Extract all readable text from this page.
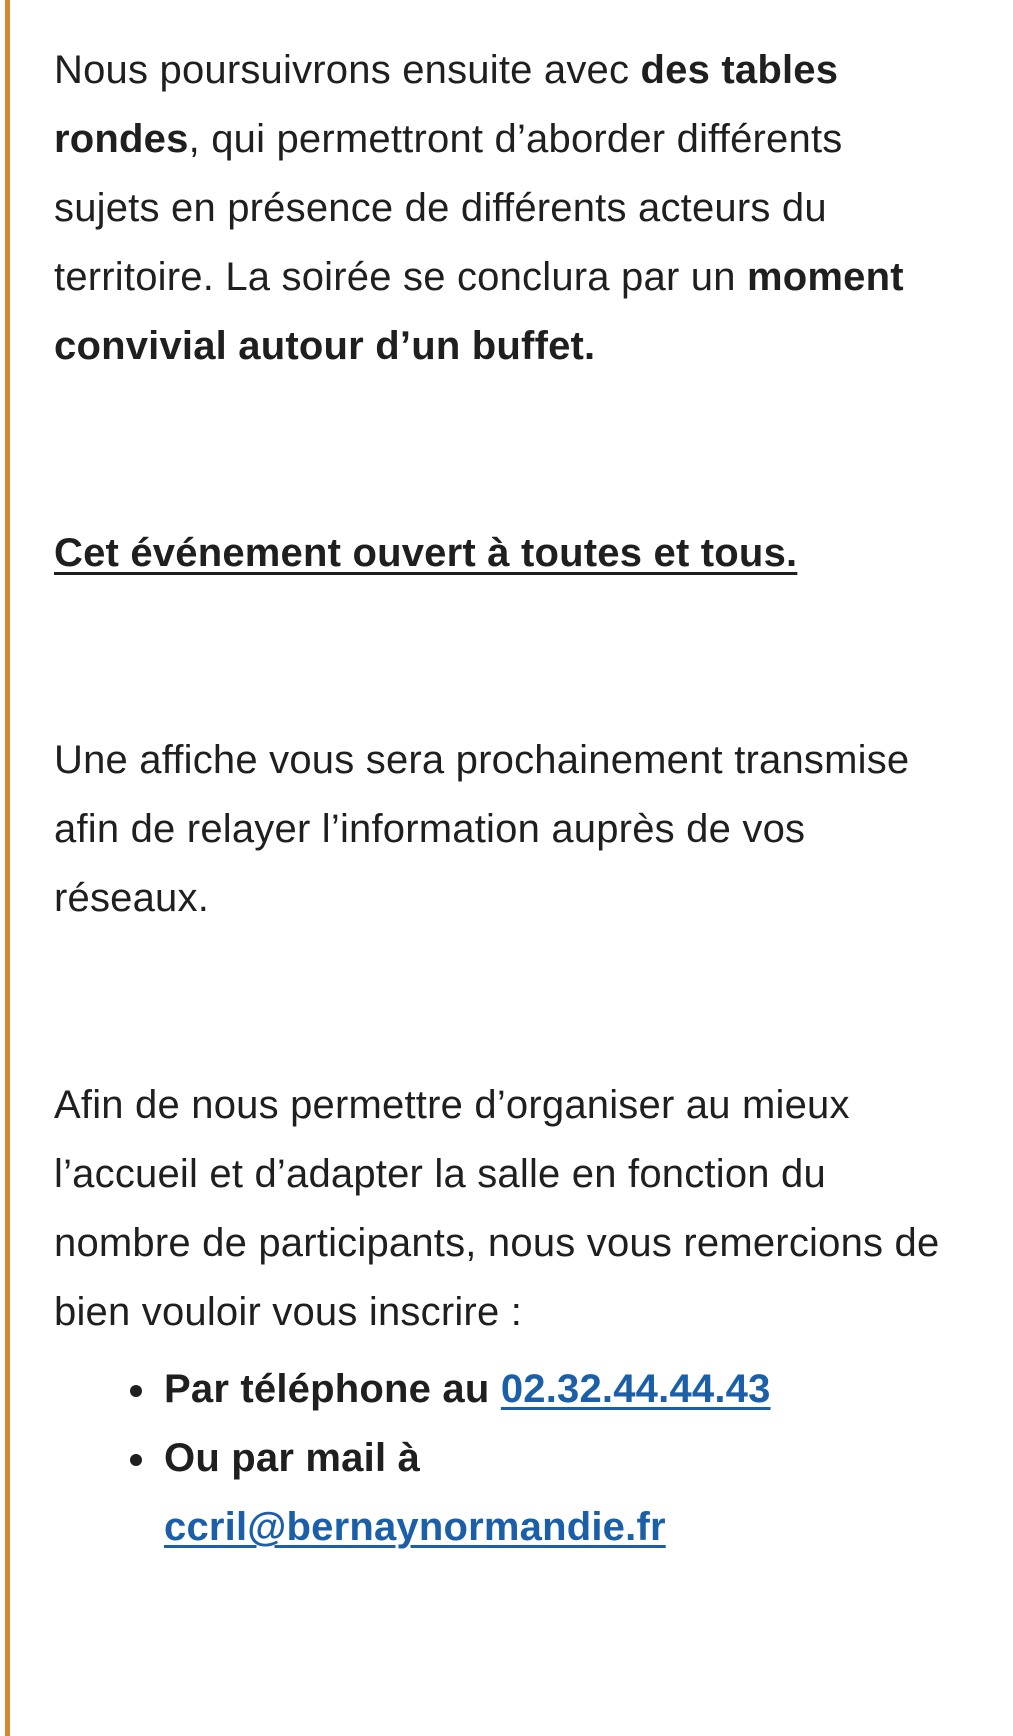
Nous poursuivrons ensuite avec des tables rondes, qui permettront d’aborder différents sujets en présence de différents acteurs du territoire. La soirée se conclura par un moment convivial autour d’un buffet.

Cet événement ouvert à toutes et tous.

Une affiche vous sera prochainement transmise afin de relayer l’information auprès de vos réseaux.

Afin de nous permettre d’organiser au mieux l’accueil et d’adapter la salle en fonction du nombre de participants, nous vous remercions de bien vouloir vous inscrire :

Par téléphone au 02.32.44.44.43
Ou par mail à
ccril@bernaynormandie.fr
